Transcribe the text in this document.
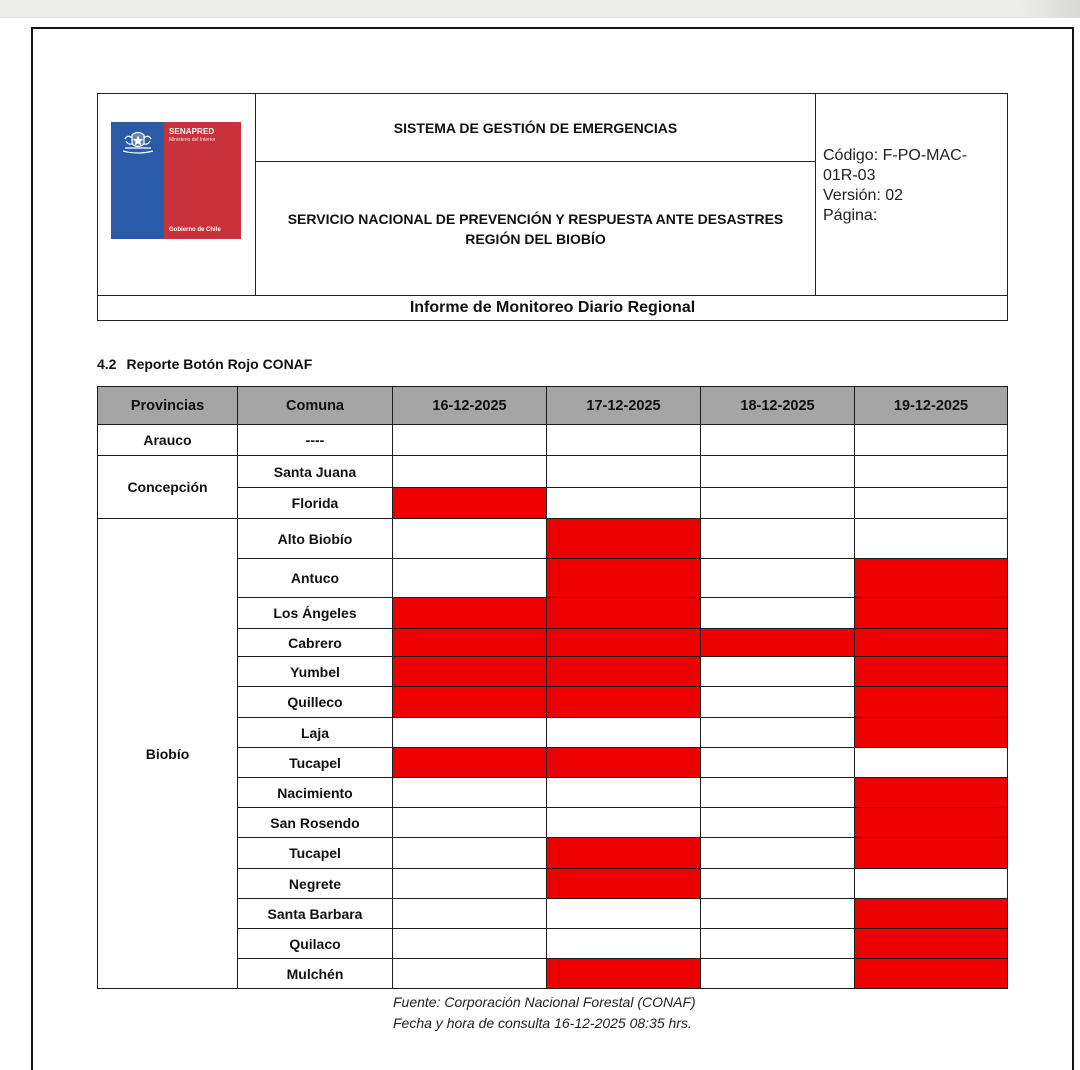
SENAPRED
Ministerio del Interior
Gobierno de Chile
SISTEMA DE GESTIÓN DE EMERGENCIAS
SERVICIO NACIONAL DE PREVENCIÓN Y RESPUESTA ANTE DESASTRES
REGIÓN DEL BIOBÍO
Código: F-PO-MAC-
01R-03
Versión: 02
Página:
Informe de Monitoreo Diario Regional
4.2 Reporte Botón Rojo CONAF
Provincias	Comuna	16-12-2025	17-12-2025	18-12-2025	19-12-2025
Arauco	----				
Concepción	Santa Juana				
	Florida				
Biobío	Alto Biobío				
	Antuco				
	Los Ángeles				
	Cabrero				
	Yumbel				
	Quilleco				
	Laja				
	Tucapel				
	Nacimiento				
	San Rosendo				
	Tucapel				
	Negrete				
	Santa Barbara				
	Quilaco				
	Mulchén				
Fuente: Corporación Nacional Forestal (CONAF)
Fecha y hora de consulta 16-12-2025 08:35 hrs.
